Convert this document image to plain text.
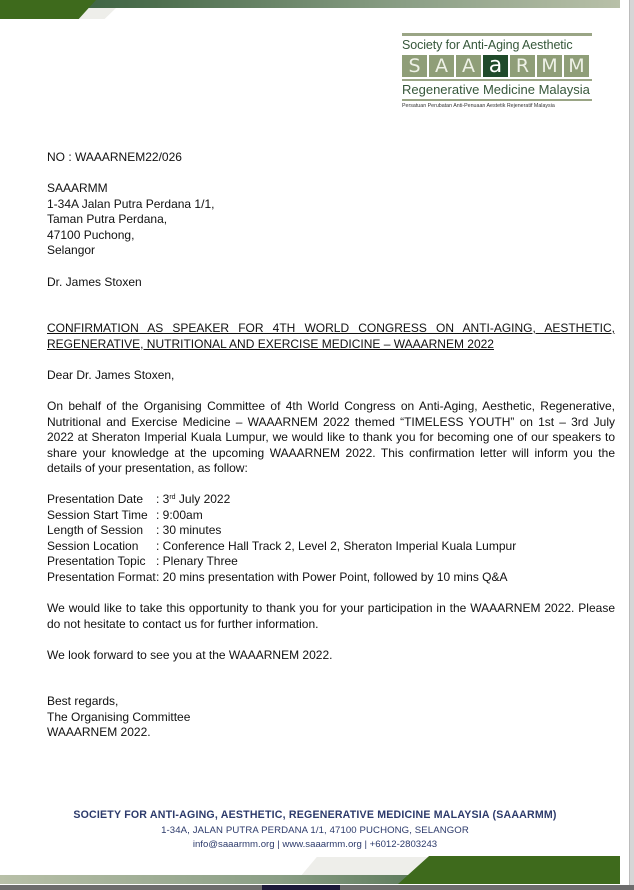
Society for Anti-Aging Aesthetic
S A A a R M M
Regenerative Medicine Malaysia
Persatuan Perubatan Anti-Penuaan Aestetik Rejeneratif Malaysia

NO : WAAARNEM22/026

SAAARMM

1-34A Jalan Putra Perdana 1/1,

Taman Putra Perdana,

47100 Puchong,

Selangor

Dr. James Stoxen

CONFIRMATION AS SPEAKER FOR 4TH WORLD CONGRESS ON ANTI-AGING, AESTHETIC,
REGENERATIVE, NUTRITIONAL AND EXERCISE MEDICINE – WAAARNEM 2022

Dear Dr. James Stoxen,

On behalf of the Organising Committee of 4th World Congress on Anti-Aging, Aesthetic, Regenerative, Nutritional and Exercise Medicine – WAAARNEM 2022 themed “TIMELESS YOUTH” on 1st – 3rd July 2022 at Sheraton Imperial Kuala Lumpur, we would like to thank you for becoming one of our speakers to share your knowledge at the upcoming WAAARNEM 2022. This confirmation letter will inform you the details of your presentation, as follow:

Presentation Date	: 3rd July 2022
Session Start Time	: 9:00am
Length of Session	: 30 minutes
Session Location	: Conference Hall Track 2, Level 2, Sheraton Imperial Kuala Lumpur
Presentation Topic	: Plenary Three
Presentation Format	: 20 mins presentation with Power Point, followed by 10 mins Q&A

We would like to take this opportunity to thank you for your participation in the WAAARNEM 2022. Please do not hesitate to contact us for further information.

We look forward to see you at the WAAARNEM 2022.

Best regards,

The Organising Committee

WAAARNEM 2022.

SOCIETY FOR ANTI-AGING, AESTHETIC, REGENERATIVE MEDICINE MALAYSIA (SAAARMM)
1-34A, JALAN PUTRA PERDANA 1/1, 47100 PUCHONG, SELANGOR
info@saaarmm.org | www.saaarmm.org | +6012-2803243
